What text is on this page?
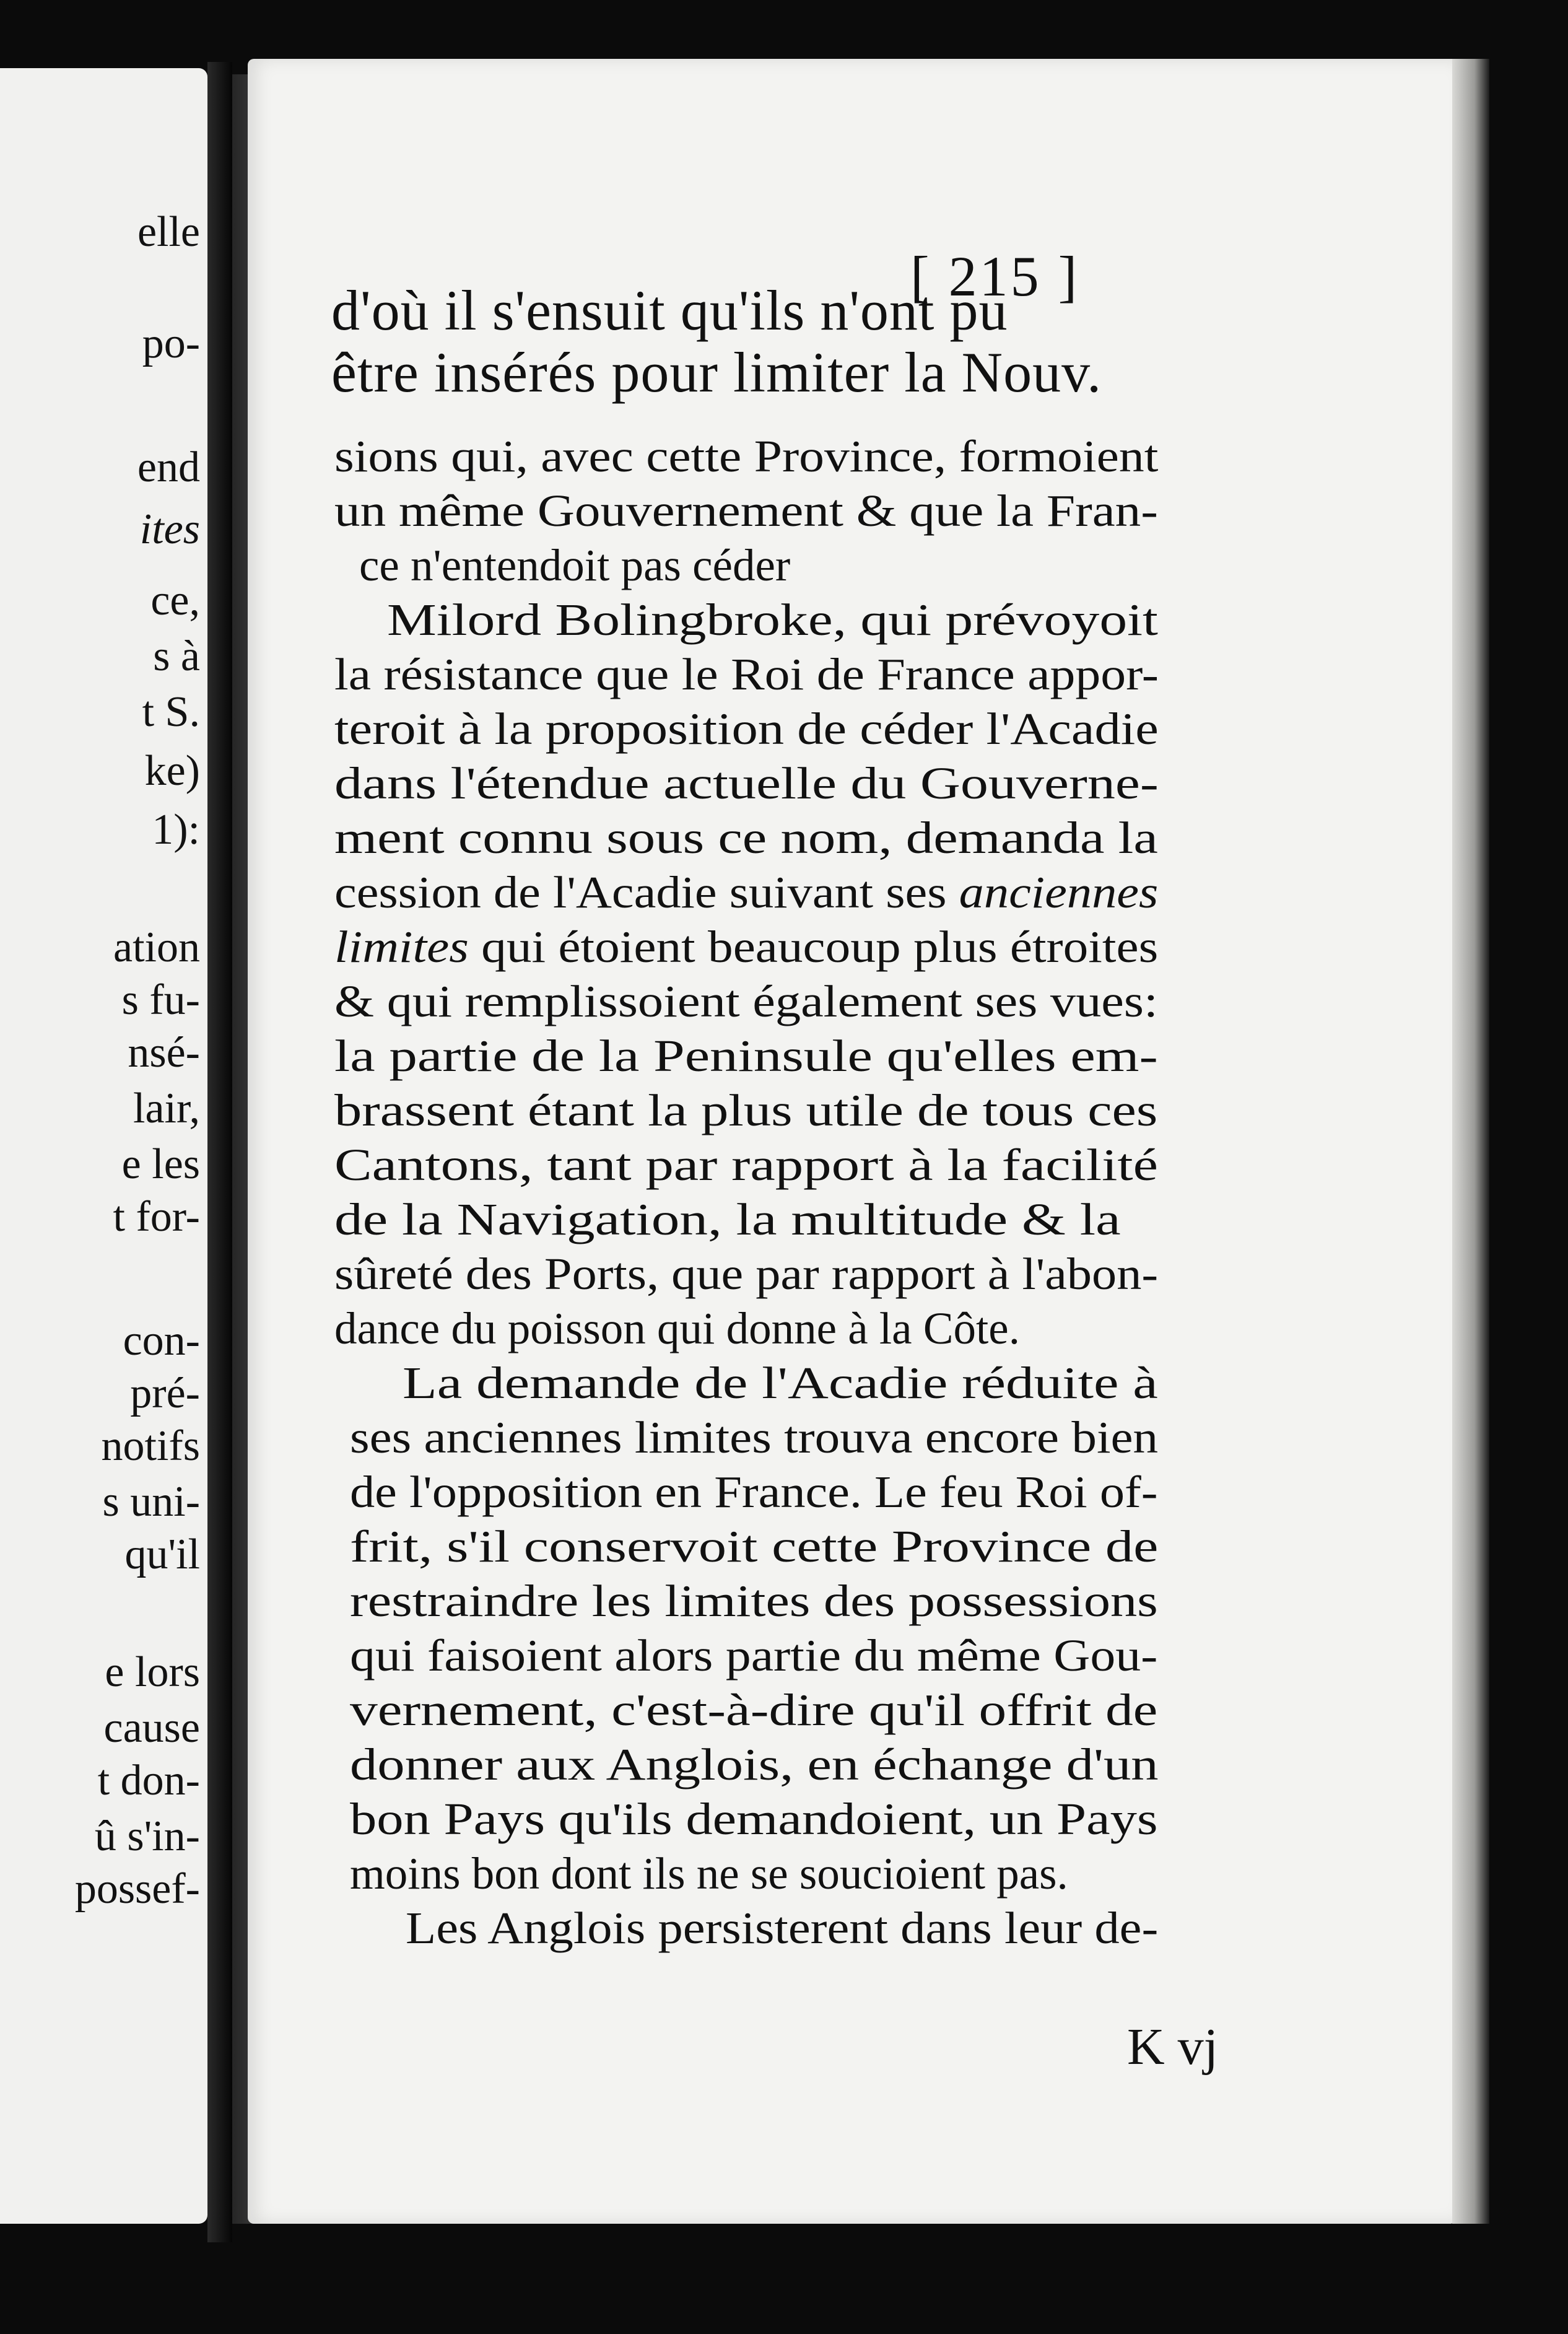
elle
po-
end
ites
ce,
s à
t S.
ke)
1):
ation
s fu-
nsé-
lair,
e les
t for-
con-
pré-
notifs
s uni-
qu'il
e lors
cause
t don-
û s'in-
possef-
[ 215 ]
K vj
d'où il s'ensuit qu'ils n'ont pu
être insérés pour limiter la Nouv.
sions qui, avec cette Province, formoient
un même Gouvernement & que la Fran-
ce n'entendoit pas céder
Milord Bolingbroke, qui prévoyoit
la résistance que le Roi de France appor-
teroit à la proposition de céder l'Acadie
dans l'étendue actuelle du Gouverne-
ment connu sous ce nom, demanda la
cession de l'Acadie suivant ses anciennes
limites qui étoient beaucoup plus étroites
& qui remplissoient également ses vues:
la partie de la Peninsule qu'elles em-
brassent étant la plus utile de tous ces
Cantons, tant par rapport à la facilité
de la Navigation, la multitude & la
sûreté des Ports, que par rapport à l'abon-
dance du poisson qui donne à la Côte.
La demande de l'Acadie réduite à
ses anciennes limites trouva encore bien
de l'opposition en France. Le feu Roi of-
frit, s'il conservoit cette Province de
restraindre les limites des possessions
qui faisoient alors partie du même Gou-
vernement, c'est-à-dire qu'il offrit de
donner aux Anglois, en échange d'un
bon Pays qu'ils demandoient, un Pays
moins bon dont ils ne se soucioient pas.
Les Anglois persisterent dans leur de-
